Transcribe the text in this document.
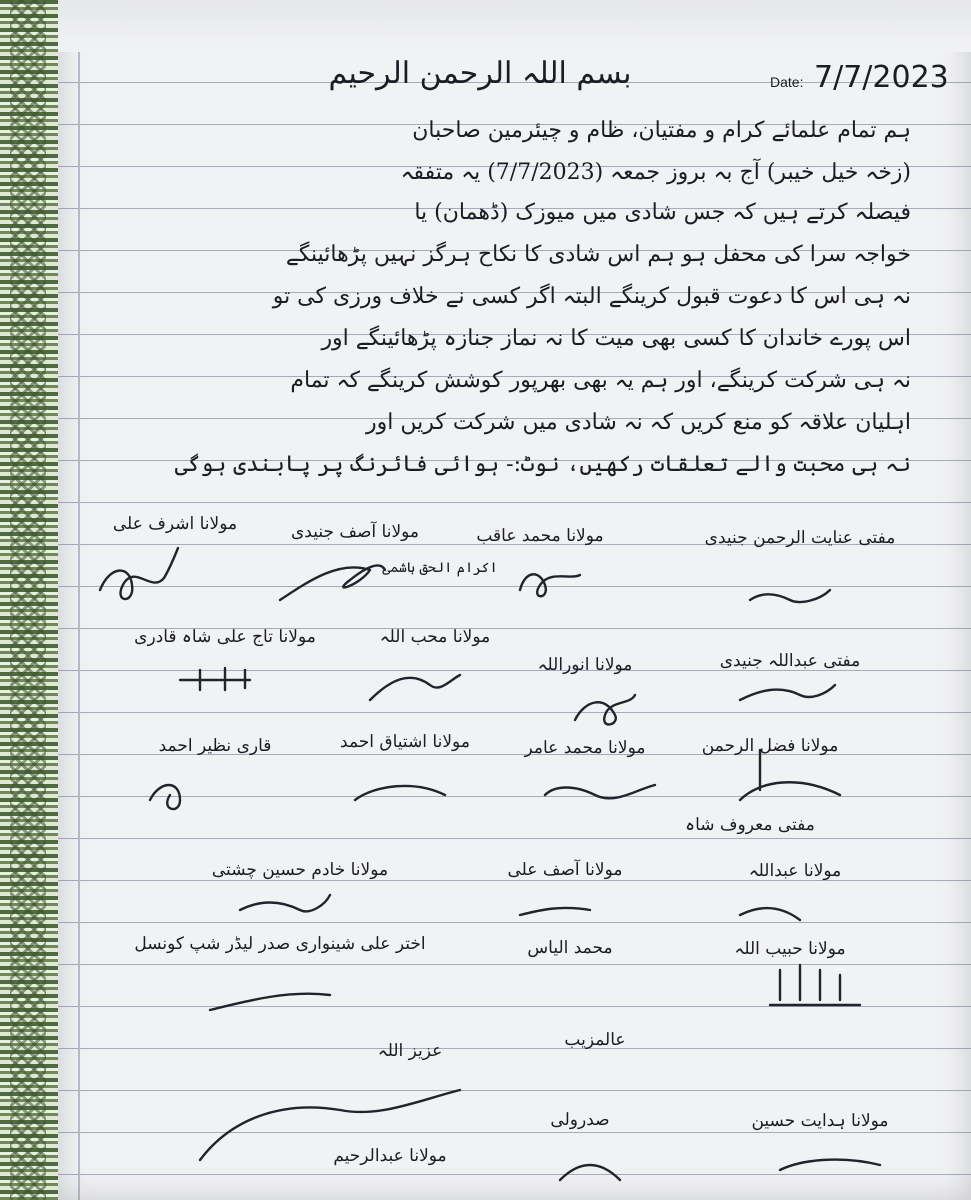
بسم اللہ الرحمن الرحیم	Date: 7/7/2023
ہم تمام علمائے کرام و مفتیان، ظام و چیئرمین صاحبان
(زخہ خیل خیبر) آج بہ بروز جمعہ (7/7/2023) یہ متفقہ
فیصلہ کرتے ہیں کہ جس شادی میں میوزک (ڈھمان) یا
خواجہ سرا کی محفل ہو ہم اس شادی کا نکاح ہرگز نہیں پڑھائینگے
نہ ہی اس کا دعوت قبول کرینگے البتہ اگر کسی نے خلاف ورزی کی تو
اس پورے خاندان کا کسی بھی میت کا نہ نماز جنازہ پڑھائینگے اور
نہ ہی شرکت کرینگے، اور ہم یہ بھی بھرپور کوشش کرینگے کہ تمام
اہلیان علاقہ کو منع کریں کہ نہ شادی میں شرکت کریں اور
نہ ہی محبت والے تعلقات رکھیں، نوٹ:- ہوائی فائرنگ پر پابندی ہوگی
مفتی عنایت الرحمن جنیدی
مولانا محمد عاقب
مولانا آصف جنیدی
مولانا اشرف علی
اکرام الحق ہاشمی
مفتی عبداللہ جنیدی
مولانا انوراللہ
مولانا محب اللہ
مولانا تاج علی شاہ قادری
مولانا فضل الرحمن
مولانا محمد عامر
مولانا اشتیاق احمد
قاری نظیر احمد
مفتی معروف شاہ
مولانا عبداللہ
مولانا آصف علی
مولانا خادم حسین چشتی
مولانا حبیب اللہ
محمد الیاس
اختر علی شینواری صدر لیڈر شپ کونسل
عالمزیب
عزیز اللہ
مولانا ہدایت حسین
مولانا عبدالرحیم
صدرولی
